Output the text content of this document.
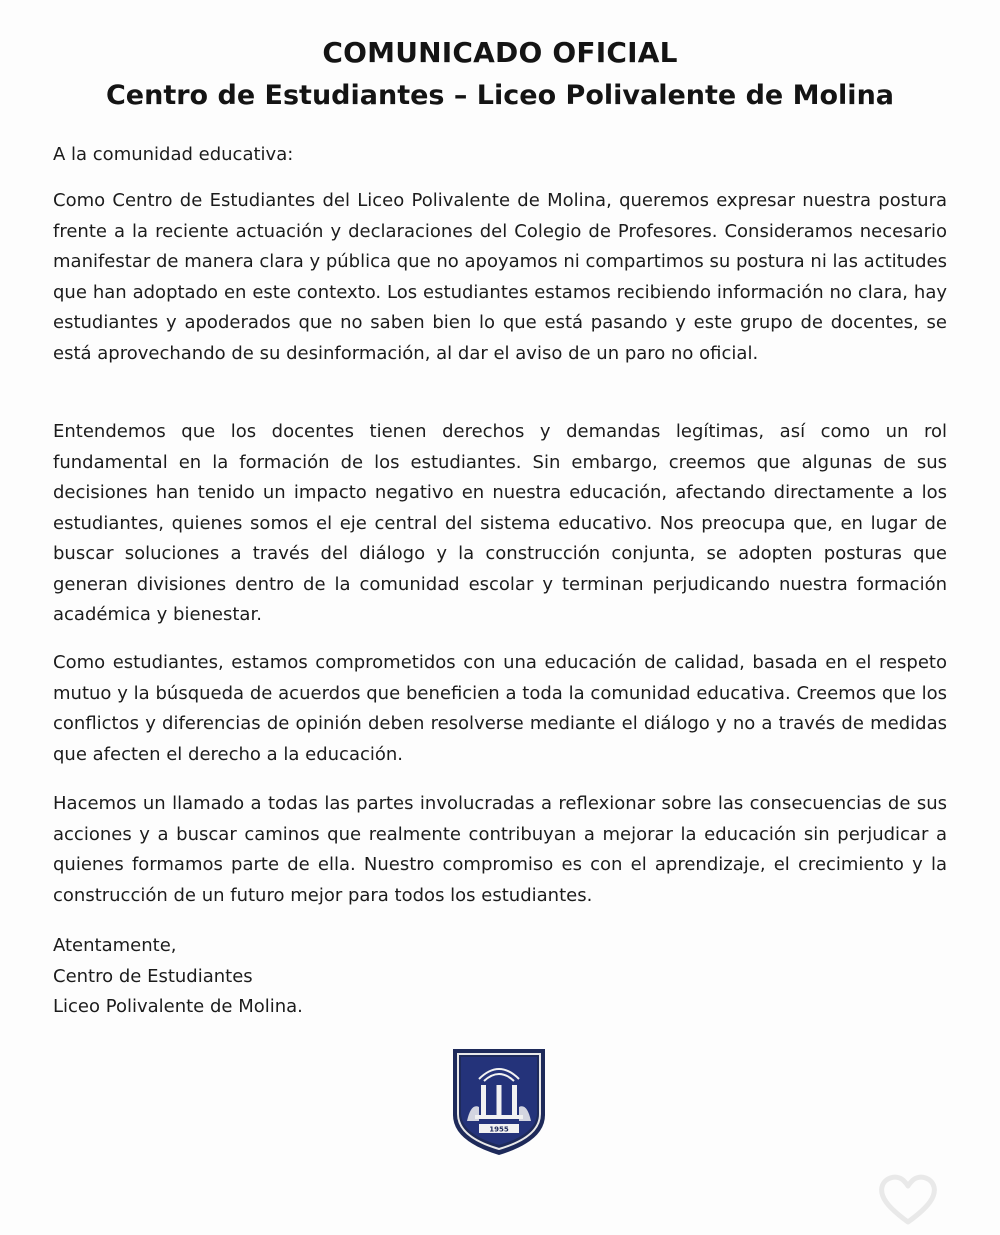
COMUNICADO OFICIAL
Centro de Estudiantes – Liceo Polivalente de Molina

A la comunidad educativa:

Como Centro de Estudiantes del Liceo Polivalente de Molina, queremos expresar nuestra postura frente a la reciente actuación y declaraciones del Colegio de Profesores. Consideramos necesario manifestar de manera clara y pública que no apoyamos ni compartimos su postura ni las actitudes que han adoptado en este contexto. Los estudiantes estamos recibiendo información no clara, hay estudiantes y apoderados que no saben bien lo que está pasando y este grupo de docentes, se está aprovechando de su desinformación, al dar el aviso de un paro no oficial.

Entendemos que los docentes tienen derechos y demandas legítimas, así como un rol fundamental en la formación de los estudiantes. Sin embargo, creemos que algunas de sus decisiones han tenido un impacto negativo en nuestra educación, afectando directamente a los estudiantes, quienes somos el eje central del sistema educativo. Nos preocupa que, en lugar de buscar soluciones a través del diálogo y la construcción conjunta, se adopten posturas que generan divisiones dentro de la comunidad escolar y terminan perjudicando nuestra formación académica y bienestar.

Como estudiantes, estamos comprometidos con una educación de calidad, basada en el respeto mutuo y la búsqueda de acuerdos que beneficien a toda la comunidad educativa. Creemos que los conflictos y diferencias de opinión deben resolverse mediante el diálogo y no a través de medidas que afecten el derecho a la educación.

Hacemos un llamado a todas las partes involucradas a reflexionar sobre las consecuencias de sus acciones y a buscar caminos que realmente contribuyan a mejorar la educación sin perjudicar a quienes formamos parte de ella. Nuestro compromiso es con el aprendizaje, el crecimiento y la construcción de un futuro mejor para todos los estudiantes.

Atentamente,
Centro de Estudiantes
Liceo Polivalente de Molina.
1955
